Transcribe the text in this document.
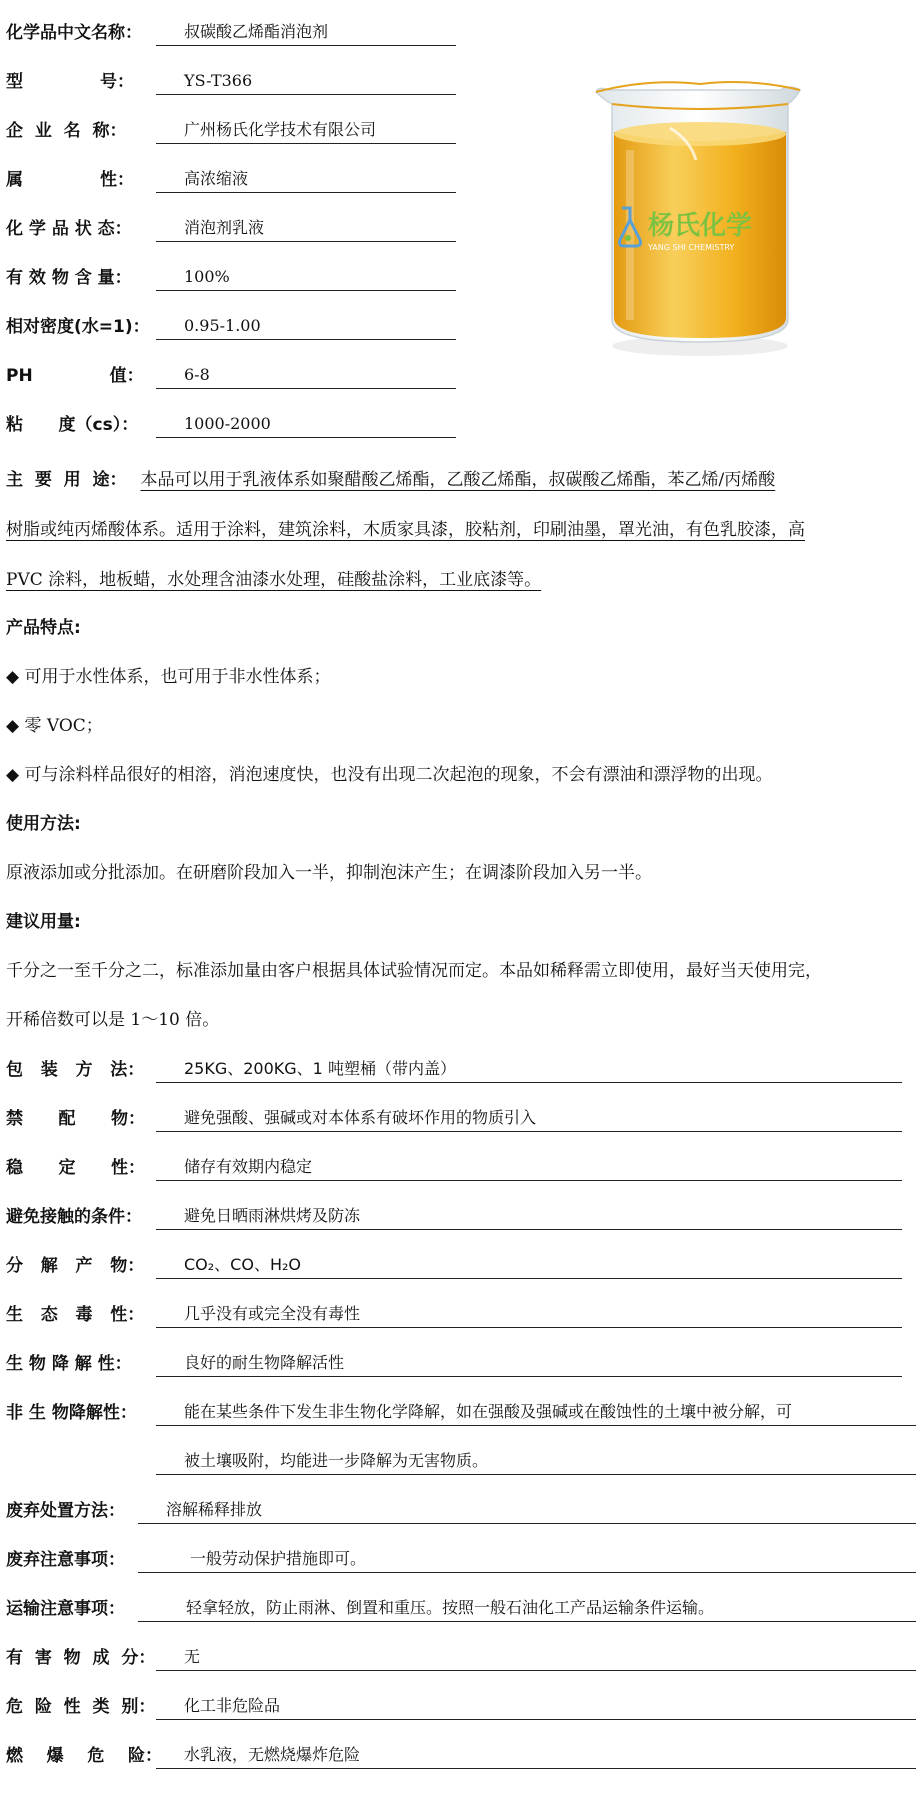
化学品中文名称：	叔碳酸乙烯酯消泡剂
型             号：	YS-T366
企  业  名  称：	广州杨氏化学技术有限公司
属             性：	高浓缩液
化 学 品 状 态：	消泡剂乳液
有 效 物 含 量：	100%
相对密度(水=1)：	0.95-1.00
PH             值：	6-8
粘      度（cs）：	1000-2000
杨氏化学
YANG SHI CHEMISTRY
主  要  用  途： 本品可以用于乳液体系如聚醋酸乙烯酯，乙酸乙烯酯，叔碳酸乙烯酯，苯乙烯/丙烯酸
树脂或纯丙烯酸体系。适用于涂料，建筑涂料，木质家具漆，胶粘剂，印刷油墨，罩光油，有色乳胶漆，高
PVC 涂料，地板蜡，水处理含油漆水处理，硅酸盐涂料，工业底漆等。
产品特点:
◆ 可用于水性体系，也可用于非水性体系；
◆ 零 VOC；
◆ 可与涂料样品很好的相溶，消泡速度快，也没有出现二次起泡的现象，不会有漂油和漂浮物的出现。
使用方法:
原液添加或分批添加。在研磨阶段加入一半，抑制泡沫产生；在调漆阶段加入另一半。
建议用量:
千分之一至千分之二，标准添加量由客户根据具体试验情况而定。本品如稀释需立即使用，最好当天使用完，
开稀倍数可以是 1～10 倍。
包   装   方   法：	25KG、200KG、1 吨塑桶（带内盖）
禁      配      物：	避免强酸、强碱或对本体系有破坏作用的物质引入
稳      定      性：	储存有效期内稳定
避免接触的条件：	避免日晒雨淋烘烤及防冻
分   解   产   物：	CO₂、CO、H₂O
生   态   毒   性：	几乎没有或完全没有毒性
生 物 降 解 性：	良好的耐生物降解活性
非 生 物降解性：	能在某些条件下发生非生物化学降解，如在强酸及强碱或在酸蚀性的土壤中被分解，可
被土壤吸附，均能进一步降解为无害物质。
废弃处置方法：	溶解稀释排放
废弃注意事项：	一般劳动保护措施即可。
运输注意事项：	轻拿轻放，防止雨淋、倒置和重压。按照一般石油化工产品运输条件运输。
有  害  物  成  分：	无
危  险  性  类  别：	化工非危险品
燃    爆    危    险：	水乳液，无燃烧爆炸危险
